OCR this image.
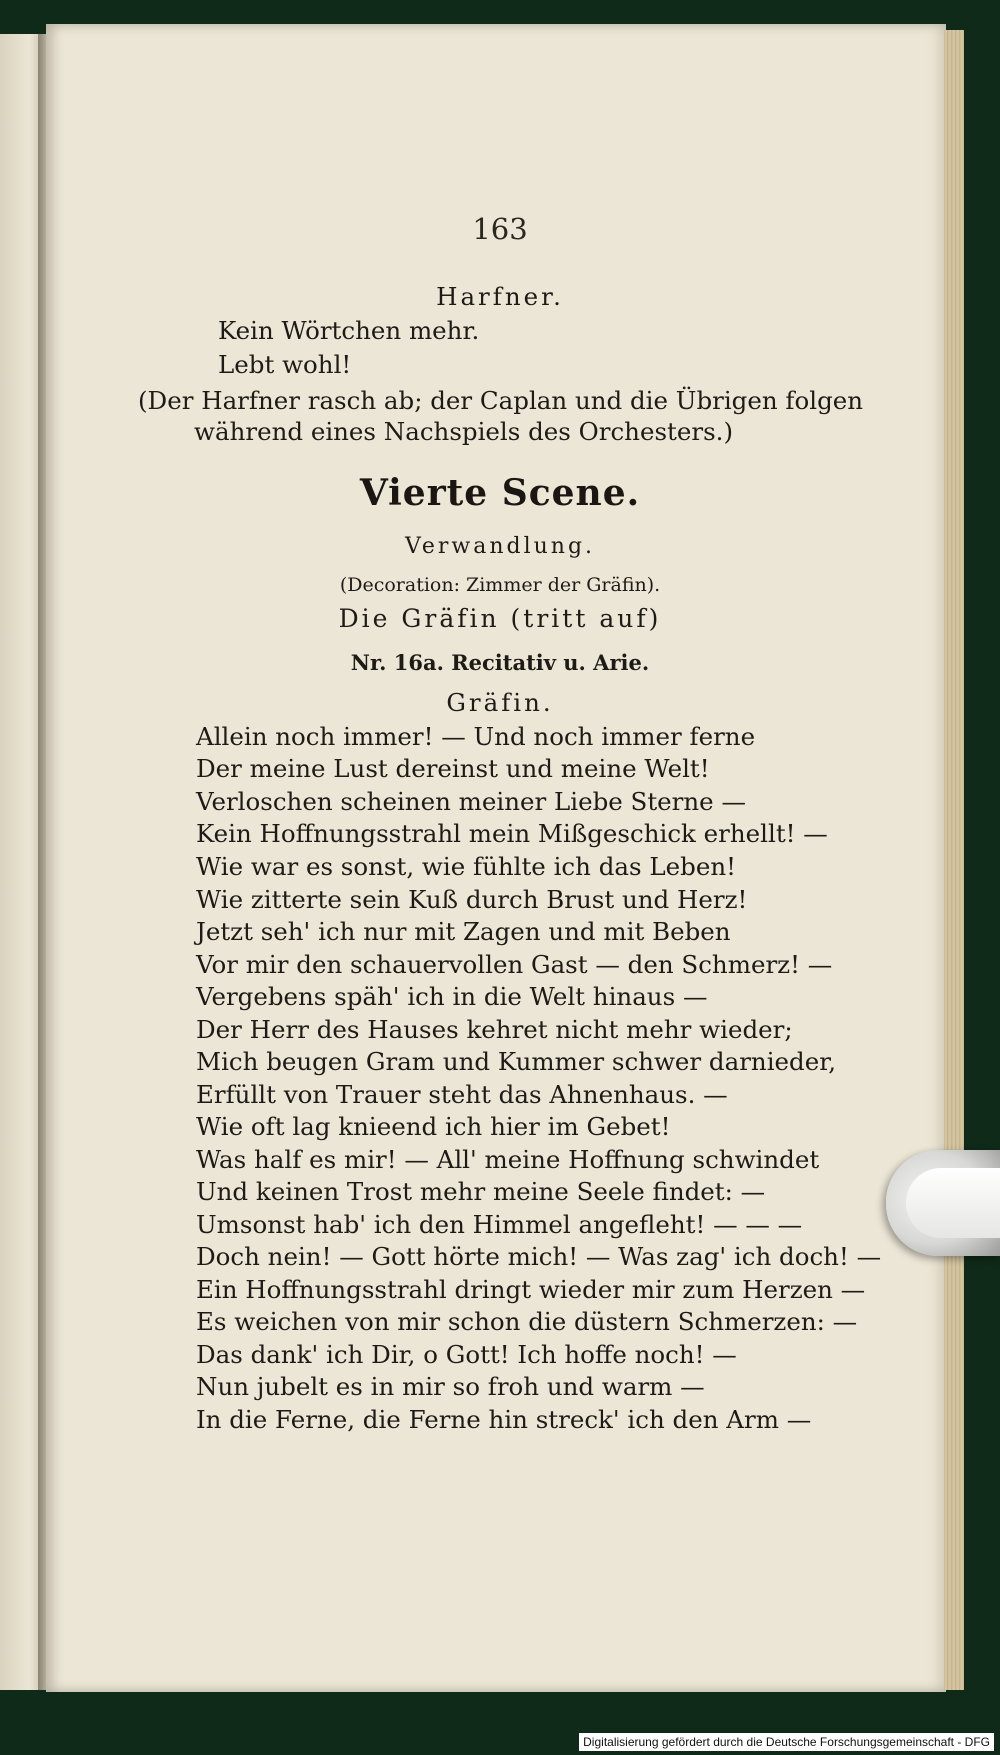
163
Harfner.
Kein Wörtchen mehr.
Lebt wohl!
(Der Harfner rasch ab; der Caplan und die Übrigen folgen
während eines Nachspiels des Orchesters.)
Vierte Scene.
Verwandlung.
(Decoration: Zimmer der Gräfin).
Die Gräfin (tritt auf)
Nr. 16a. Recitativ u. Arie.
Gräfin.
Allein noch immer! — Und noch immer ferne
Der meine Lust dereinst und meine Welt!
Verloschen scheinen meiner Liebe Sterne —
Kein Hoffnungsstrahl mein Mißgeschick erhellt! —
Wie war es sonst, wie fühlte ich das Leben!
Wie zitterte sein Kuß durch Brust und Herz!
Jetzt seh' ich nur mit Zagen und mit Beben
Vor mir den schauervollen Gast — den Schmerz! —
Vergebens späh' ich in die Welt hinaus —
Der Herr des Hauses kehret nicht mehr wieder;
Mich beugen Gram und Kummer schwer darnieder,
Erfüllt von Trauer steht das Ahnenhaus. —
Wie oft lag knieend ich hier im Gebet!
Was half es mir! — All' meine Hoffnung schwindet
Und keinen Trost mehr meine Seele findet: —
Umsonst hab' ich den Himmel angefleht! — — —
Doch nein! — Gott hörte mich! — Was zag' ich doch! —
Ein Hoffnungsstrahl dringt wieder mir zum Herzen —
Es weichen von mir schon die düstern Schmerzen: —
Das dank' ich Dir, o Gott! Ich hoffe noch! —
Nun jubelt es in mir so froh und warm —
In die Ferne, die Ferne hin streck' ich den Arm —
Digitalisierung gefördert durch die Deutsche Forschungsgemeinschaft - DFG
